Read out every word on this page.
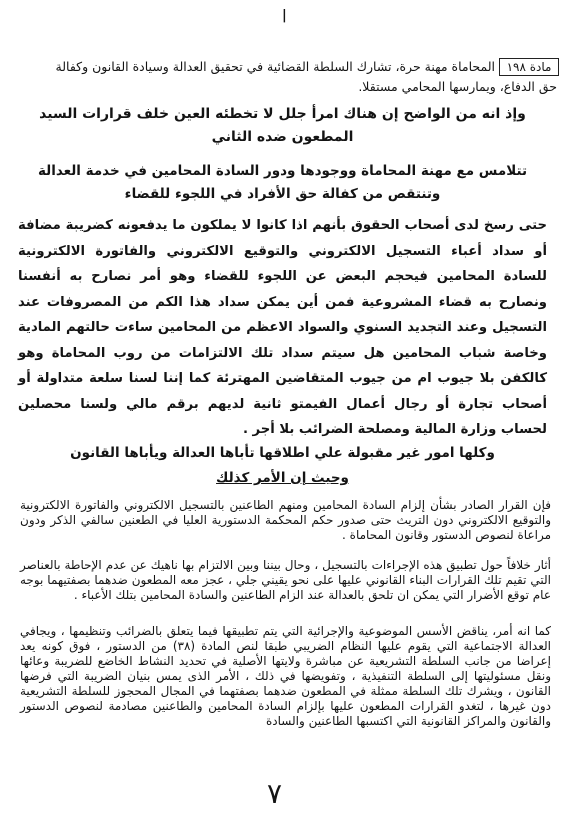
|
مادة ١٩٨
المحاماة مهنة حرة، تشارك السلطة القضائية في تحقيق العدالة وسيادة القانون وكفالة
حق الدفاع، ويمارسها المحامي مستقلا.
وإذ انه من الواضح إن هناك امرأ جلل لا تخطئه العين خلف قرارات السيد المطعون ضده الثاني
تتلامس مع مهنة المحاماة ووجودها ودور السادة المحامين في خدمة العدالة
وتنتقص من كفالة حق الأفراد في اللجوء للقضاء
حتى رسخ لدى أصحاب الحقوق بأنهم اذا كانوا لا يملكون ما يدفعونه كضريبة مضافة أو سداد أعباء التسجيل الالكتروني والتوقيع الالكتروني والفاتورة الالكترونية للسادة المحامين فيحجم البعض عن اللجوء للقضاء وهو أمر نصارح به أنفسنا ونصارح به قضاء المشروعية فمن أين يمكن سداد هذا الكم من المصروفات عند التسجيل وعند التجديد السنوي والسواد الاعظم من المحامين ساءت حالتهم المادية وخاصة شباب المحامين هل سيتم سداد تلك الالتزامات من روب المحاماة وهو كالكفن بلا جيوب ام من جيوب المتقاضين المهترئة كما إننا لسنا سلعة متداولة أو أصحاب تجارة أو رجال أعمال الفيمتو ثانية لديهم برقم مالي ولسنا محصلين لحساب وزارة المالية ومصلحة الضرائب بلا أجر .
وكلها امور غير مقبولة علي اطلاقها تأباها العدالة ويأباها القانون
وحيث إن الأمر كذلك
فإن القرار الصادر بشأن إلزام السادة المحامين ومنهم الطاعنين بالتسجيل الالكتروني والفاتورة الالكترونية والتوقيع الالكتروني دون التريث حتى صدور حكم المحكمة الدستورية العليا في الطعنين سالفي الذكر ودون مراعاة لنصوص الدستور وقانون المحاماة .
أثار خلافاً حول تطبيق هذه الإجراءات بالتسجيل ، وحال بيننا وبين الالتزام بها ناهيك عن عدم الإحاطة بالعناصر التي تقيم تلك القرارات البناء القانوني عليها على نحو يقيني جلي ، عجز معه المطعون ضدهما بصفتيهما بوجه عام توقع الأضرار التي يمكن ان تلحق بالعدالة عند الزام الطاعنين والسادة المحامين بتلك الأعباء .
كما انه أمر، يناقض الأسس الموضوعية والإجرائية التي يتم تطبيقها فيما يتعلق بالضرائب وتنظيمها ، ويجافي العدالة الاجتماعية التي يقوم عليها النظام الضريبي طبقا لنص المادة (٣٨) من الدستور ، فوق كونه يعد إعراضا من جانب السلطة التشريعية عن مباشرة ولايتها الأصلية في تحديد النشاط الخاضع للضريبة وعائها ونقل مسئوليتها إلى السلطة التنفيذية ، وتفويضها في ذلك ، الأمر الذى يمس بنيان الضريبة التي فرضها القانون ، ويشرك تلك السلطة ممثلة في المطعون ضدهما بصفتهما في المجال المحجوز للسلطة التشريعية دون غيرها ، لتغدو القرارات المطعون عليها بإلزام السادة المحامين والطاعنين مصادمة لنصوص الدستور والقانون والمراكز القانونية التي اكتسبها الطاعنين والسادة
٧
